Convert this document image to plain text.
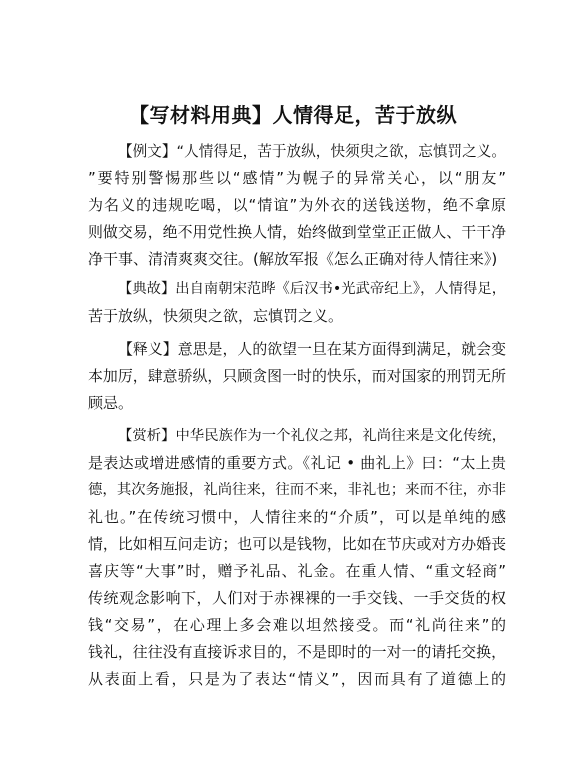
【写材料用典】人情得足，苦于放纵
【例文】“人情得足，苦于放纵，快须臾之欲，忘慎罚之义。
”要特别警惕那些以“感情”为幌子的异常关心，以“朋友”
为名义的违规吃喝，以“情谊”为外衣的送钱送物，绝不拿原
则做交易，绝不用党性换人情，始终做到堂堂正正做人、干干净
净干事、清清爽爽交往。(解放军报《怎么正确对待人情往来》)
【典故】出自南朝宋范晔《后汉书•光武帝纪上》，人情得足，
苦于放纵，快须臾之欲，忘慎罚之义。
【释义】意思是，人的欲望一旦在某方面得到满足，就会变
本加厉，肆意骄纵，只顾贪图一时的快乐，而对国家的刑罚无所
顾忌。
【赏析】中华民族作为一个礼仪之邦，礼尚往来是文化传统，
是表达或增进感情的重要方式。《礼记 • 曲礼上》曰：“太上贵
德，其次务施报，礼尚往来，往而不来，非礼也；来而不往，亦非
礼也。”在传统习惯中，人情往来的“介质”，可以是单纯的感
情，比如相互问走访；也可以是钱物，比如在节庆或对方办婚丧
喜庆等“大事”时，赠予礼品、礼金。在重人情、“重文轻商”
传统观念影响下，人们对于赤裸裸的一手交钱、一手交货的权
钱“交易”，在心理上多会难以坦然接受。而“礼尚往来”的
钱礼，往往没有直接诉求目的，不是即时的一对一的请托交换，
从表面上看，只是为了表达“情义”，因而具有了道德上的
